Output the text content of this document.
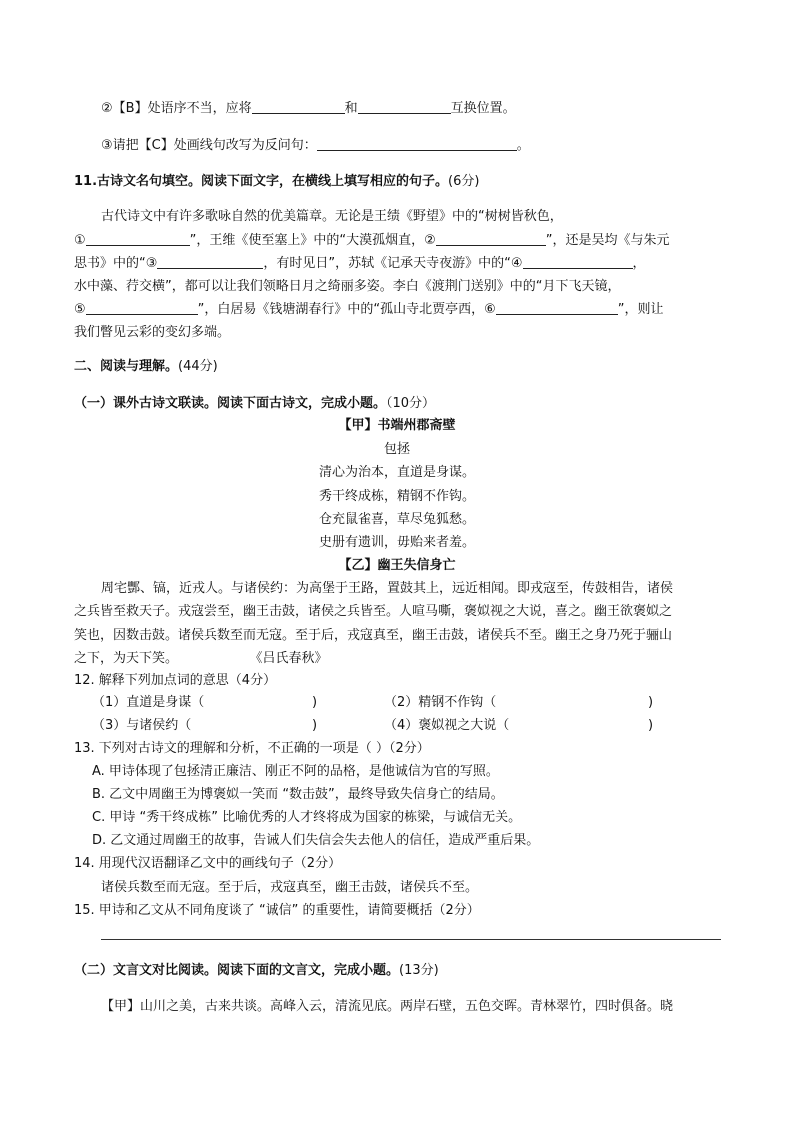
②【B】处语序不当，应将	和	互换位置。
③请把【C】处画线句改写为反问句：	。
11.古诗文名句填空。阅读下面文字，在横线上填写相应的句子。(6分)
古代诗文中有许多歌咏自然的优美篇章。无论是王绩《野望》中的“树树皆秋色，
①	”，王维《使至塞上》中的“大漠孤烟直，②	”，还是吴均《与朱元
思书》中的“③	，有时见日”，苏轼《记承天寺夜游》中的“④	，
水中藻、荇交横”，都可以让我们领略日月之绮丽多姿。李白《渡荆门送别》中的“月下飞天镜，
⑤	”，白居易《钱塘湖春行》中的“孤山寺北贾亭西，⑥	”，则让
我们瞥见云彩的变幻多端。
二、阅读与理解。(44分)
（一）课外古诗文联读。阅读下面古诗文，完成小题。（10分）
【甲】书端州郡斋壁
包拯
清心为治本，直道是身谋。
秀干终成栋，精钢不作钩。
仓充鼠雀喜，草尽兔狐愁。
史册有遗训，毋贻来者羞。
【乙】幽王失信身亡
周宅酆、镐，近戎人。与诸侯约：为高堡于王路，置鼓其上，远近相闻。即戎寇至，传鼓相告，诸侯
之兵皆至救天子。戎寇尝至，幽王击鼓，诸侯之兵皆至。人喧马嘶，褒姒视之大说，喜之。幽王欲褒姒之
笑也，因数击鼓。诸侯兵数至而无寇。至于后，戎寇真至，幽王击鼓，诸侯兵不至。幽王之身乃死于骊山
之下，为天下笑。	《吕氏春秋》
12. 解释下列加点词的意思（4分）
（1）直道是身谋（	)	（2）精钢不作钩（	)
（3）与诸侯约（	)	（4）褒姒视之大说（	)
13. 下列对古诗文的理解和分析，不正确的一项是（ ）（2分）
A. 甲诗体现了包拯清正廉洁、刚正不阿的品格，是他诚信为官的写照。
B. 乙文中周幽王为博褒姒一笑而 “数击鼓”，最终导致失信身亡的结局。
C. 甲诗 “秀干终成栋” 比喻优秀的人才终将成为国家的栋梁，与诚信无关。
D. 乙文通过周幽王的故事，告诫人们失信会失去他人的信任，造成严重后果。
14. 用现代汉语翻译乙文中的画线句子（2分）
诸侯兵数至而无寇。至于后，戎寇真至，幽王击鼓，诸侯兵不至。
15. 甲诗和乙文从不同角度谈了 “诚信” 的重要性，请简要概括（2分）
（二）文言文对比阅读。阅读下面的文言文，完成小题。(13分)
【甲】山川之美，古来共谈。高峰入云，清流见底。两岸石壁，五色交晖。青林翠竹，四时俱备。晓
